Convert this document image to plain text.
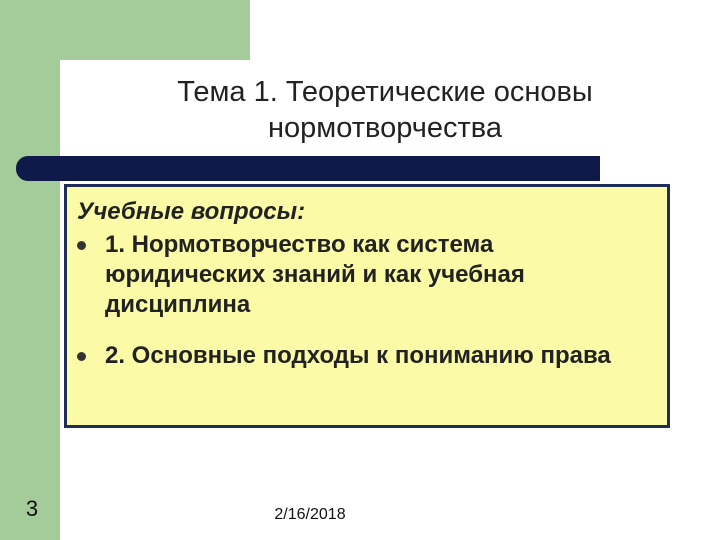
Тема 1. Теоретические основы
нормотворчества
Учебные вопросы:
1. Нормотворчество как система юридических знаний и как учебная дисциплина
2. Основные подходы к пониманию права
3	2/16/2018
